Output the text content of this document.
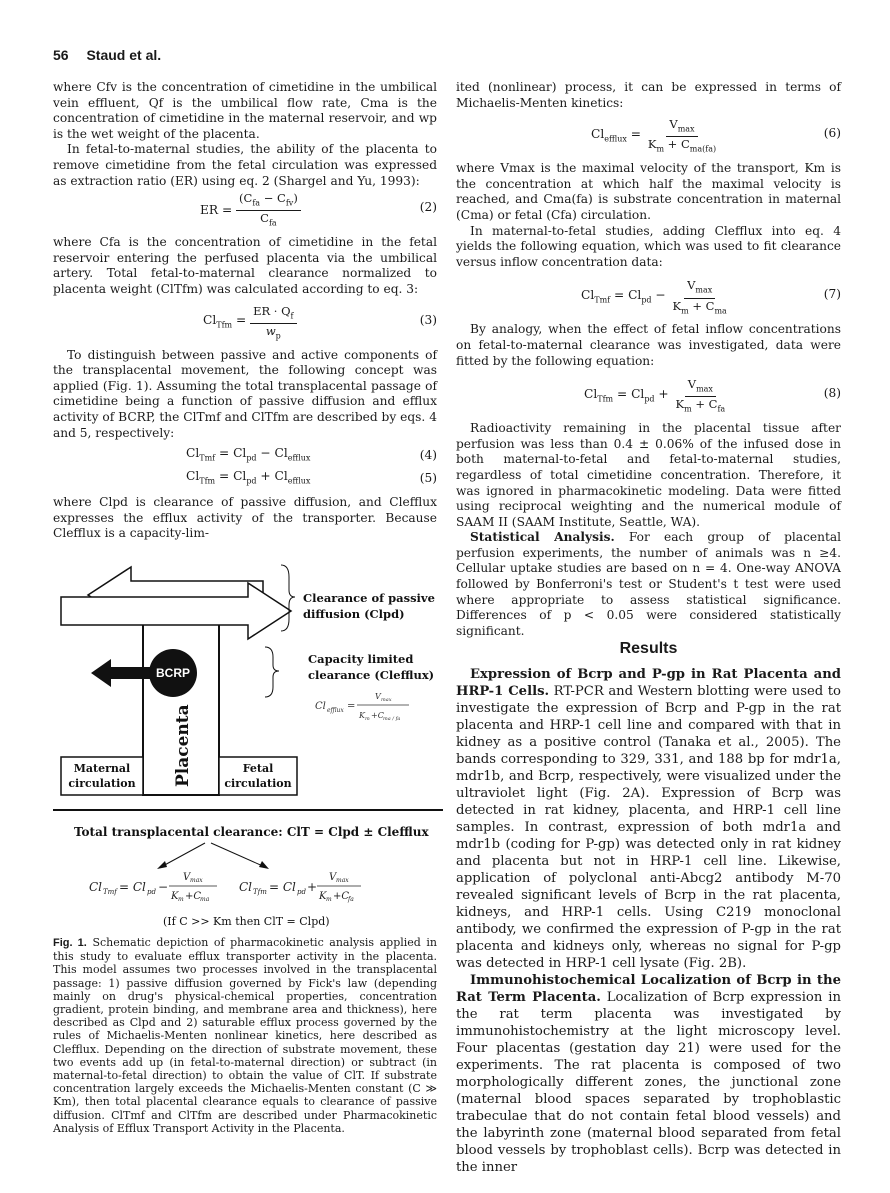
56 Staud et al.

where Cfv is the concentration of cimetidine in the umbilical vein effluent, Qf is the umbilical flow rate, Cma is the concentration of cimetidine in the maternal reservoir, and wp is the wet weight of the placenta.

In fetal-to-maternal studies, the ability of the placenta to remove cimetidine from the fetal circulation was expressed as extraction ratio (ER) using eq. 2 (Shargel and Yu, 1993):

ER = $\frac{(C_{fa} - C_{fv})}{C_{fa}}$	(2)

where Cfa is the concentration of cimetidine in the fetal reservoir entering the perfused placenta via the umbilical artery. Total fetal-to-maternal clearance normalized to placenta weight (ClTfm) was calculated according to eq. 3:

$Cl_{Tfm} = \frac{ER \cdot Q_f}{w_p}$	(3)

To distinguish between passive and active components of the transplacental movement, the following concept was applied (Fig. 1). Assuming the total transplacental passage of cimetidine being a function of passive diffusion and efflux activity of BCRP, the ClTmf and ClTfm are described by eqs. 4 and 5, respectively:

$Cl_{Tmf} = Cl_{pd} - Cl_{efflux}$	(4)
$Cl_{Tfm} = Cl_{pd} + Cl_{efflux}$	(5)

where Clpd is clearance of passive diffusion, and Clefflux expresses the efflux activity of the transporter. Because Clefflux is a capacity-lim-

BCRP
Placenta
Maternal
circulation
Fetal
circulation
Clearance of passive
diffusion (Clpd)
Capacity limited
clearance (Clefflux)
Cl efflux =
V max
K m +C ma / fa
Total transplacental clearance: ClT = Clpd ± Clefflux
Cl Tmf = Cl pd −
V max
K m +C
ma
Cl Tfm = Cl pd +
V max
K m +C
fa
(If C >> Km then ClT = Clpd)
Fig. 1. Schematic depiction of pharmacokinetic analysis applied in this study to evaluate efflux transporter activity in the placenta. This model assumes two processes involved in the transplacental passage: 1) passive diffusion governed by Fick's law (depending mainly on drug's physical-chemical properties, concentration gradient, protein binding, and membrane area and thickness), here described as Clpd and 2) saturable efflux process governed by the rules of Michaelis-Menten nonlinear kinetics, here described as Clefflux. Depending on the direction of substrate movement, these two events add up (in fetal-to-maternal direction) or subtract (in maternal-to-fetal direction) to obtain the value of ClT. If substrate concentration largely exceeds the Michaelis-Menten constant (C ≫ Km), then total placental clearance equals to clearance of passive diffusion. ClTmf and ClTfm are described under Pharmacokinetic Analysis of Efflux Transport Activity in the Placenta.

ited (nonlinear) process, it can be expressed in terms of Michaelis-Menten kinetics:

$Cl_{efflux} = \frac{V_{max}}{K_m + C_{ma(fa)}}$	(6)

where Vmax is the maximal velocity of the transport, Km is the concentration at which half the maximal velocity is reached, and Cma(fa) is substrate concentration in maternal (Cma) or fetal (Cfa) circulation.

In maternal-to-fetal studies, adding Clefflux into eq. 4 yields the following equation, which was used to fit clearance versus inflow concentration data:

$Cl_{Tmf} = Cl_{pd} - \frac{V_{max}}{K_m + C_{ma}}$	(7)

By analogy, when the effect of fetal inflow concentrations on fetal-to-maternal clearance was investigated, data were fitted by the following equation:

$Cl_{Tfm} = Cl_{pd} + \frac{V_{max}}{K_m + C_{fa}}$	(8)

Radioactivity remaining in the placental tissue after perfusion was less than 0.4 ± 0.06% of the infused dose in both maternal-to-fetal and fetal-to-maternal studies, regardless of total cimetidine concentration. Therefore, it was ignored in pharmacokinetic modeling. Data were fitted using reciprocal weighting and the numerical module of SAAM II (SAAM Institute, Seattle, WA).

Statistical Analysis. For each group of placental perfusion experiments, the number of animals was n ≥4. Cellular uptake studies are based on n = 4. One-way ANOVA followed by Bonferroni's test or Student's t test were used where appropriate to assess statistical significance. Differences of p < 0.05 were considered statistically significant.

Results

Expression of Bcrp and P-gp in Rat Placenta and HRP-1 Cells. RT-PCR and Western blotting were used to investigate the expression of Bcrp and P-gp in the rat placenta and HRP-1 cell line and compared with that in kidney as a positive control (Tanaka et al., 2005). The bands corresponding to 329, 331, and 188 bp for mdr1a, mdr1b, and Bcrp, respectively, were visualized under the ultraviolet light (Fig. 2A). Expression of Bcrp was detected in rat kidney, placenta, and HRP-1 cell line samples. In contrast, expression of both mdr1a and mdr1b (coding for P-gp) was detected only in rat kidney and placenta but not in HRP-1 cell line. Likewise, application of polyclonal anti-Abcg2 antibody M-70 revealed significant levels of Bcrp in the rat placenta, kidneys, and HRP-1 cells. Using C219 monoclonal antibody, we confirmed the expression of P-gp in the rat placenta and kidneys only, whereas no signal for P-gp was detected in HRP-1 cell lysate (Fig. 2B).

Immunohistochemical Localization of Bcrp in the Rat Term Placenta. Localization of Bcrp expression in the rat term placenta was investigated by immunohistochemistry at the light microscopy level. Four placentas (gestation day 21) were used for the experiments. The rat placenta is composed of two morphologically different zones, the junctional zone (maternal blood spaces separated by trophoblastic trabeculae that do not contain fetal blood vessels) and the labyrinth zone (maternal blood separated from fetal blood vessels by trophoblast cells). Bcrp was detected in the inner
